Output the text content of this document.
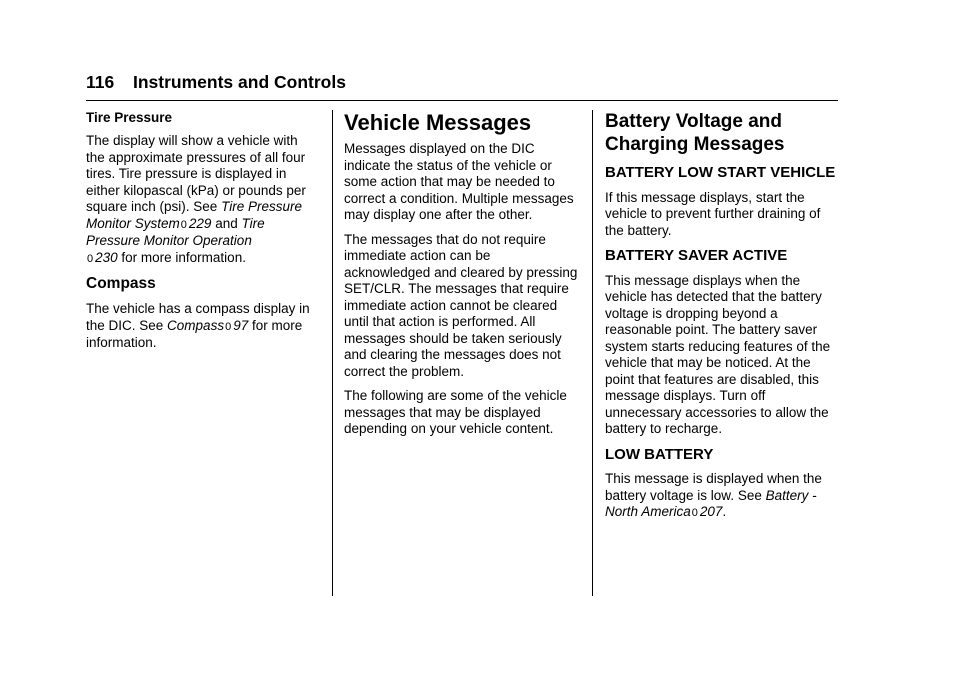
116 Instruments and Controls
Tire Pressure

The display will show a vehicle with the approximate pressures of all four tires. Tire pressure is displayed in either kilopascal (kPa) or pounds per square inch (psi). See Tire Pressure Monitor System0 229 and Tire Pressure Monitor Operation
0 230 for more information.

Compass

The vehicle has a compass display in the DIC. See Compass0 97 for more information.

Vehicle Messages

Messages displayed on the DIC indicate the status of the vehicle or some action that may be needed to correct a condition. Multiple messages may display one after the other.

The messages that do not require immediate action can be acknowledged and cleared by pressing SET/CLR. The messages that require immediate action cannot be cleared until that action is performed. All messages should be taken seriously and clearing the messages does not correct the problem.

The following are some of the vehicle messages that may be displayed depending on your vehicle content.

Battery Voltage and Charging Messages
BATTERY LOW START VEHICLE

If this message displays, start the vehicle to prevent further draining of the battery.

BATTERY SAVER ACTIVE

This message displays when the vehicle has detected that the battery voltage is dropping beyond a reasonable point. The battery saver system starts reducing features of the vehicle that may be noticed. At the point that features are disabled, this message displays. Turn off unnecessary accessories to allow the battery to recharge.

LOW BATTERY

This message is displayed when the battery voltage is low. See Battery - North America0 207.
